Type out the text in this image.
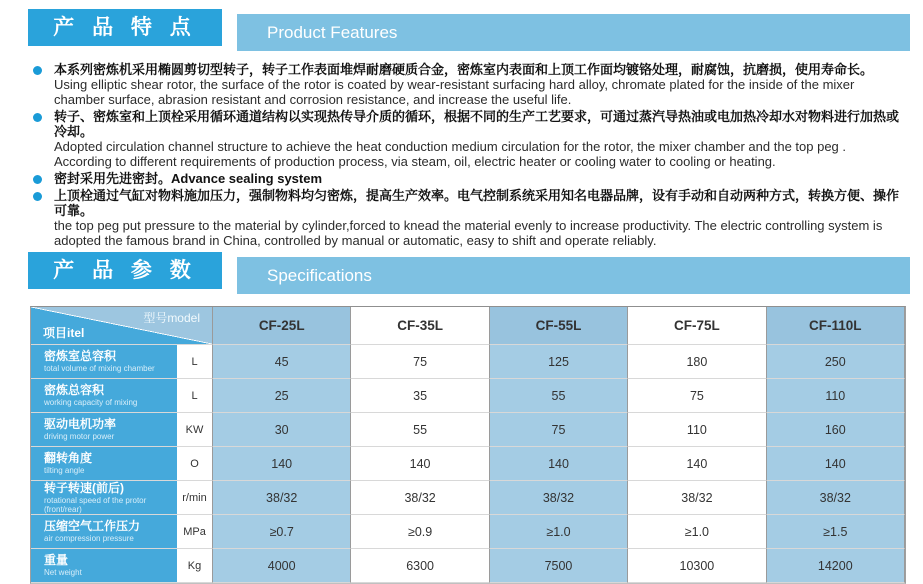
产 品 特 点	Product Features
本系列密炼机采用椭圆剪切型转子，转子工作表面堆焊耐磨硬质合金，密炼室内表面和上顶工作面均镀铬处理，耐腐蚀，抗磨损，使用寿命长。
Using elliptic shear rotor, the surface of the rotor is coated by wear-resistant surfacing hard alloy, chromate plated for the inside of the mixer chamber surface, abrasion resistant and corrosion resistance, and increase the useful life.
转子、密炼室和上顶栓采用循环通道结构以实现热传导介质的循环，根据不同的生产工艺要求，可通过蒸汽导热油或电加热冷却水对物料进行加热或冷却。
Adopted circulation channel structure to achieve the heat conduction medium circulation for the rotor, the mixer chamber and the top peg . According to different requirements of production process, via steam, oil, electric heater or cooling water to cooling or heating.
密封采用先进密封。Advance sealing system
上顶栓通过气缸对物料施加压力，强制物料均匀密炼，提高生产效率。电气控制系统采用知名电器品牌，设有手动和自动两种方式，转换方便、操作可靠。
the top peg put pressure to the material by cylinder,forced to knead the material evenly to increase productivity. The electric controlling system is adopted the famous brand in China, controlled by manual or automatic, easy to shift and operate reliably.
产 品 参 数	Specifications
型号model
项目itel	CF-25L	CF-35L	CF-55L	CF-75L	CF-110L
密炼室总容积
total volume of mixing chamber
L	45	75	125	180	250
密炼总容积
working capacity of mixing
L	25	35	55	75	110
驱动电机功率
driving motor power
KW	30	55	75	110	160
翻转角度
tilting angle
O	140	140	140	140	140
转子转速(前后)
rotational speed of the protor (front/rear)
r/min	38/32	38/32	38/32	38/32	38/32
压缩空气工作压力
air compression pressure
MPa	≥0.7	≥0.9	≥1.0	≥1.0	≥1.5
重量
Net weight
Kg	4000	6300	7500	10300	14200
